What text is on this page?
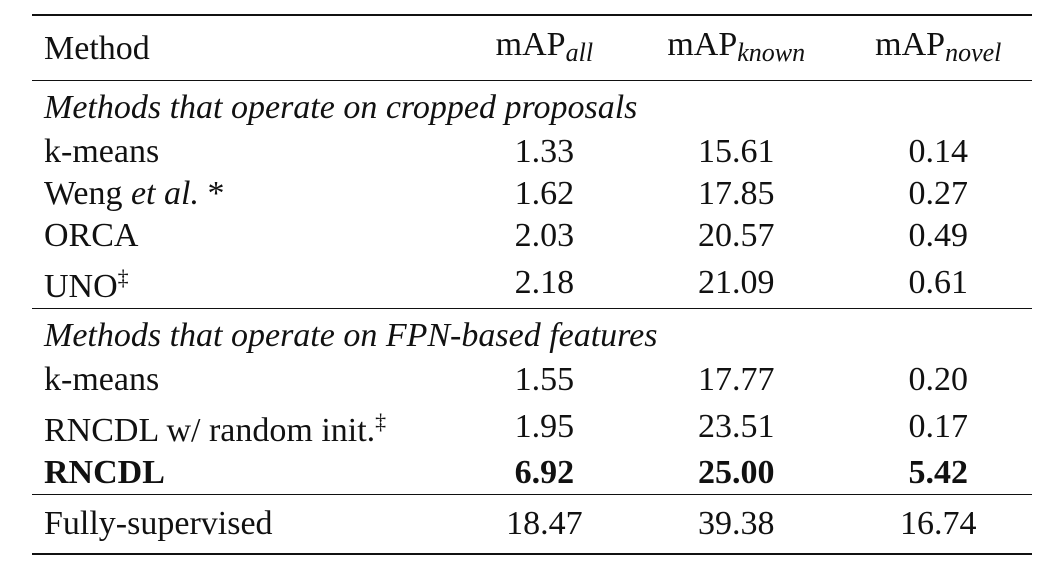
Method	mAP$_{all}$	mAP$_{known}$	mAP$_{novel}$
Methods that operate on cropped proposals			
k-means	1.33	15.61	0.14
Weng et al. *	1.62	17.85	0.27
ORCA	2.03	20.57	0.49
UNO‡	2.18	21.09	0.61
Methods that operate on FPN-based features			
k-means	1.55	17.77	0.20
RNCDL w/ random init.‡	1.95	23.51	0.17
RNCDL	6.92	25.00	5.42
Fully-supervised	18.47	39.38	16.74
